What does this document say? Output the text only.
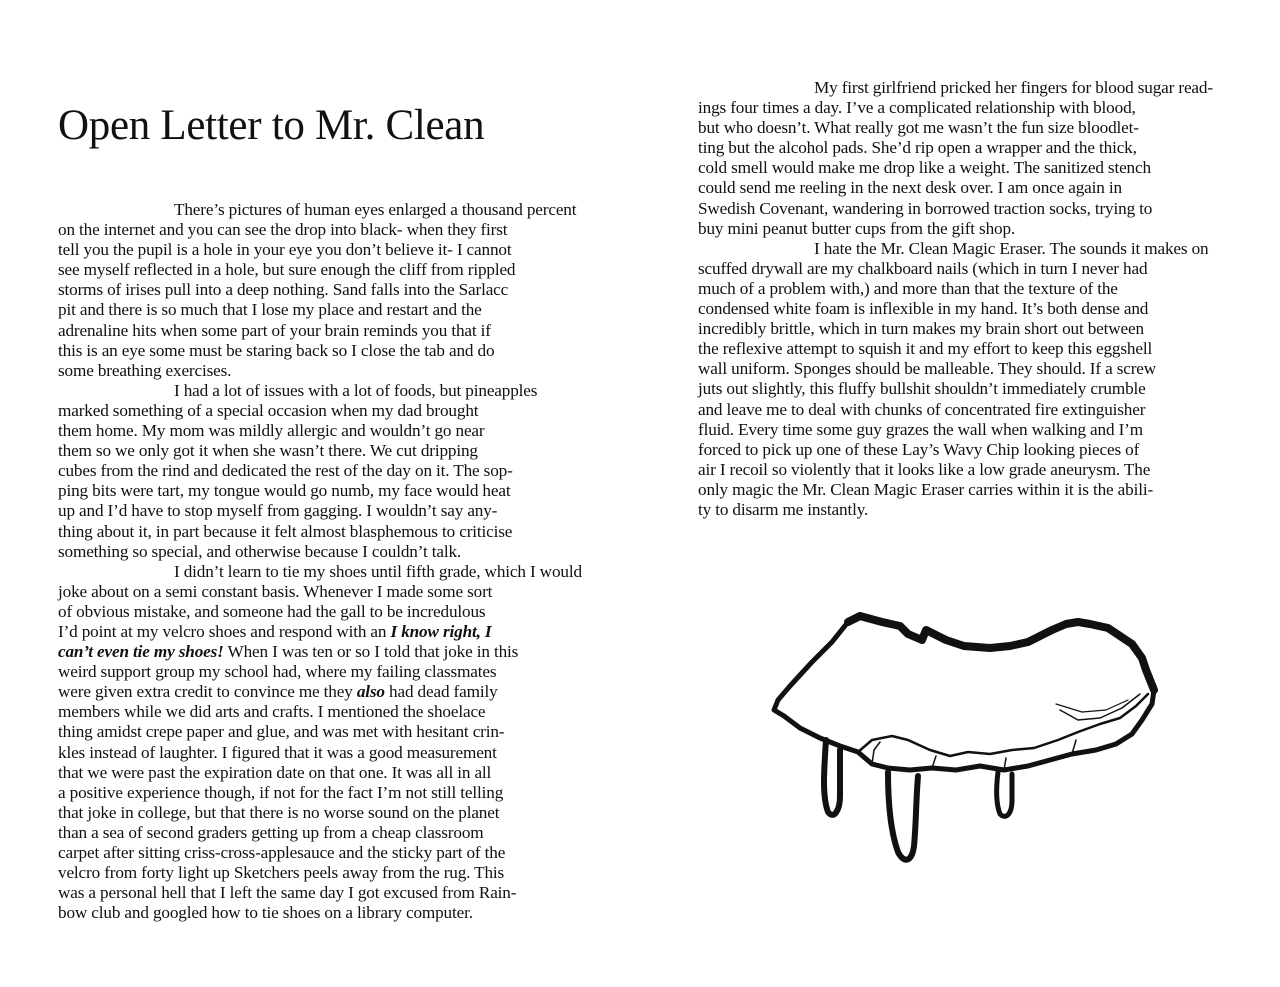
Open Letter to Mr. Clean

There’s pictures of human eyes enlarged a thousand percent
on the internet and you can see the drop into black- when they first
tell you the pupil is a hole in your eye you don’t believe it- I cannot
see myself reflected in a hole, but sure enough the cliff from rippled
storms of irises pull into a deep nothing. Sand falls into the Sarlacc
pit and there is so much that I lose my place and restart and the
adrenaline hits when some part of your brain reminds you that if
this is an eye some must be staring back so I close the tab and do
some breathing exercises.

I had a lot of issues with a lot of foods, but pineapples
marked something of a special occasion when my dad brought
them home. My mom was mildly allergic and wouldn’t go near
them so we only got it when she wasn’t there. We cut dripping
cubes from the rind and dedicated the rest of the day on it. The sop-
ping bits were tart, my tongue would go numb, my face would heat
up and I’d have to stop myself from gagging. I wouldn’t say any-
thing about it, in part because it felt almost blasphemous to criticise
something so special, and otherwise because I couldn’t talk.

I didn’t learn to tie my shoes until fifth grade, which I would
joke about on a semi constant basis. Whenever I made some sort
of obvious mistake, and someone had the gall to be incredulous
I’d point at my velcro shoes and respond with an I know right, I
can’t even tie my shoes! When I was ten or so I told that joke in this
weird support group my school had, where my failing classmates
were given extra credit to convince me they also had dead family
members while we did arts and crafts. I mentioned the shoelace
thing amidst crepe paper and glue, and was met with hesitant crin-
kles instead of laughter. I figured that it was a good measurement
that we were past the expiration date on that one. It was all in all
a positive experience though, if not for the fact I’m not still telling
that joke in college, but that there is no worse sound on the planet
than a sea of second graders getting up from a cheap classroom
carpet after sitting criss-cross-applesauce and the sticky part of the
velcro from forty light up Sketchers peels away from the rug. This
was a personal hell that I left the same day I got excused from Rain-
bow club and googled how to tie shoes on a library computer.

My first girlfriend pricked her fingers for blood sugar read-
ings four times a day. I’ve a complicated relationship with blood,
but who doesn’t. What really got me wasn’t the fun size bloodlet-
ting but the alcohol pads. She’d rip open a wrapper and the thick,
cold smell would make me drop like a weight. The sanitized stench
could send me reeling in the next desk over. I am once again in
Swedish Covenant, wandering in borrowed traction socks, trying to
buy mini peanut butter cups from the gift shop.

I hate the Mr. Clean Magic Eraser. The sounds it makes on
scuffed drywall are my chalkboard nails (which in turn I never had
much of a problem with,) and more than that the texture of the
condensed white foam is inflexible in my hand. It’s both dense and
incredibly brittle, which in turn makes my brain short out between
the reflexive attempt to squish it and my effort to keep this eggshell
wall uniform. Sponges should be malleable. They should. If a screw
juts out slightly, this fluffy bullshit shouldn’t immediately crumble
and leave me to deal with chunks of concentrated fire extinguisher
fluid. Every time some guy grazes the wall when walking and I’m
forced to pick up one of these Lay’s Wavy Chip looking pieces of
air I recoil so violently that it looks like a low grade aneurysm. The
only magic the Mr. Clean Magic Eraser carries within it is the abili-
ty to disarm me instantly.
